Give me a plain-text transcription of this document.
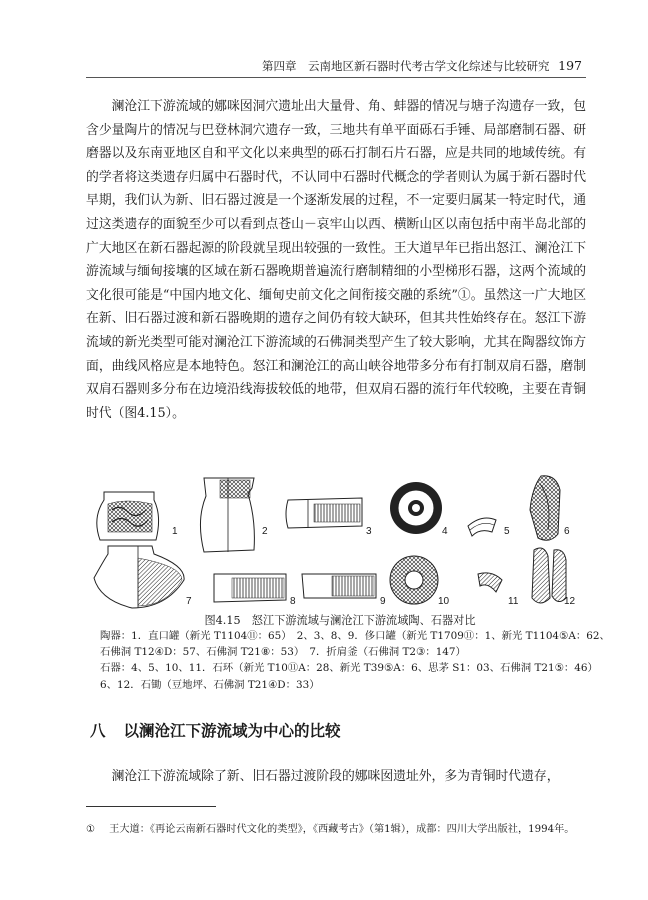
第四章　云南地区新石器时代考古学文化综述与比较研究 197

澜沧江下游流域的娜咪囡洞穴遗址出大量骨、角、蚌器的情况与塘子沟遗存一致，包含少量陶片的情况与巴登林洞穴遗存一致，三地共有单平面砾石手锤、局部磨制石器、研磨器以及东南亚地区自和平文化以来典型的砾石打制石片石器，应是共同的地域传统。有的学者将这类遗存归属中石器时代，不认同中石器时代概念的学者则认为属于新石器时代早期，我们认为新、旧石器过渡是一个逐渐发展的过程，不一定要归属某一特定时代，通过这类遗存的面貌至少可以看到点苍山－哀牢山以西、横断山区以南包括中南半岛北部的广大地区在新石器起源的阶段就呈现出较强的一致性。王大道早年已指出怒江、澜沧江下游流域与缅甸接壤的区域在新石器晚期普遍流行磨制精细的小型梯形石器，这两个流域的文化很可能是“中国内地文化、缅甸史前文化之间衔接交融的系统”①。虽然这一广大地区在新、旧石器过渡和新石器晚期的遗存之间仍有较大缺环，但其共性始终存在。怒江下游流域的新光类型可能对澜沧江下游流域的石佛洞类型产生了较大影响，尤其在陶器纹饰方面，曲线风格应是本地特色。怒江和澜沧江的高山峡谷地带多分布有打制双肩石器，磨制双肩石器则多分布在边境沿线海拔较低的地带，但双肩石器的流行年代较晚，主要在青铜时代（图4.15）。

1	2	3	4	5	6
7	8	9	10	11	12
图4.15　怒江下游流域与澜沧江下游流域陶、石器对比
陶器：1．直口罐（新光 T1104⑪：65）　2、3、8、9．侈口罐（新光 T1709⑪：1、新光 T1104⑤A：62、
石佛洞 T12④D：57、石佛洞 T21⑧：53）　7．折肩釜（石佛洞 T2③：147）
石器：4、5、10、11．石环（新光 T10⑪A：28、新光 T39⑤A：6、思茅 S1：03、石佛洞 T21⑤：46）
6、12．石锄（豆地坪、石佛洞 T21④D：33）
八 以澜沧江下游流域为中心的比较
澜沧江下游流域除了新、旧石器过渡阶段的娜咪囡遗址外，多为青铜时代遗存，
① 王大道：《再论云南新石器时代文化的类型》，《西藏考古》（第1辑），成都：四川大学出版社，1994年。
